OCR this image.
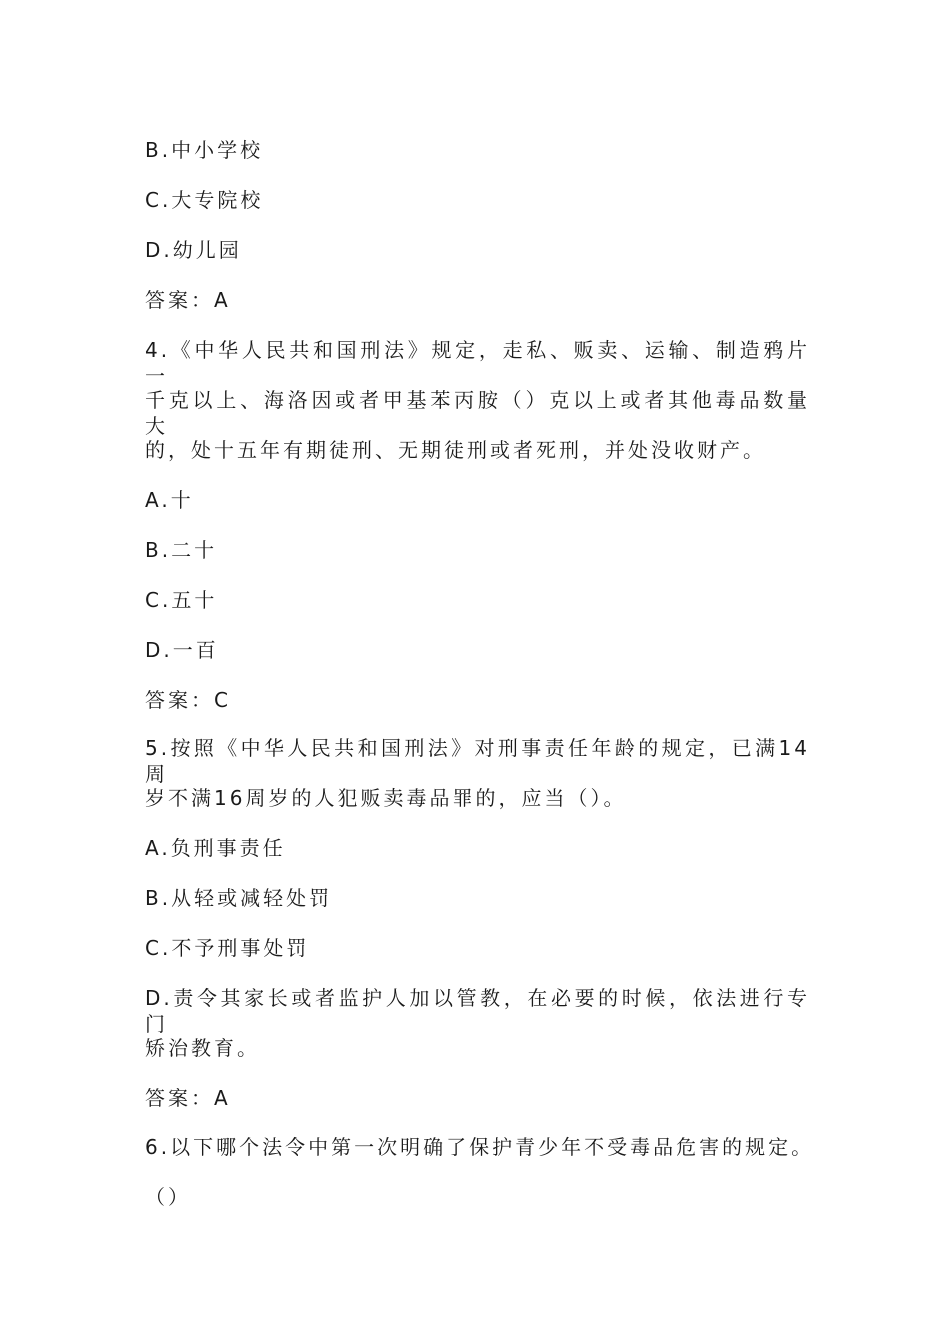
B.中小学校
C.大专院校
D.幼儿园
答案：A
4.《中华人民共和国刑法》规定，走私、贩卖、运输、制造鸦片一
千克以上、海洛因或者甲基苯丙胺（）克以上或者其他毒品数量大
的，处十五年有期徒刑、无期徒刑或者死刑，并处没收财产。
A.十
B.二十
C.五十
D.一百
答案：C
5.按照《中华人民共和国刑法》对刑事责任年龄的规定，已满14周
岁不满16周岁的人犯贩卖毒品罪的，应当（）。
A.负刑事责任
B.从轻或减轻处罚
C.不予刑事处罚
D.责令其家长或者监护人加以管教，在必要的时候，依法进行专门
矫治教育。
答案：A
6.以下哪个法令中第一次明确了保护青少年不受毒品危害的规定。
（）
